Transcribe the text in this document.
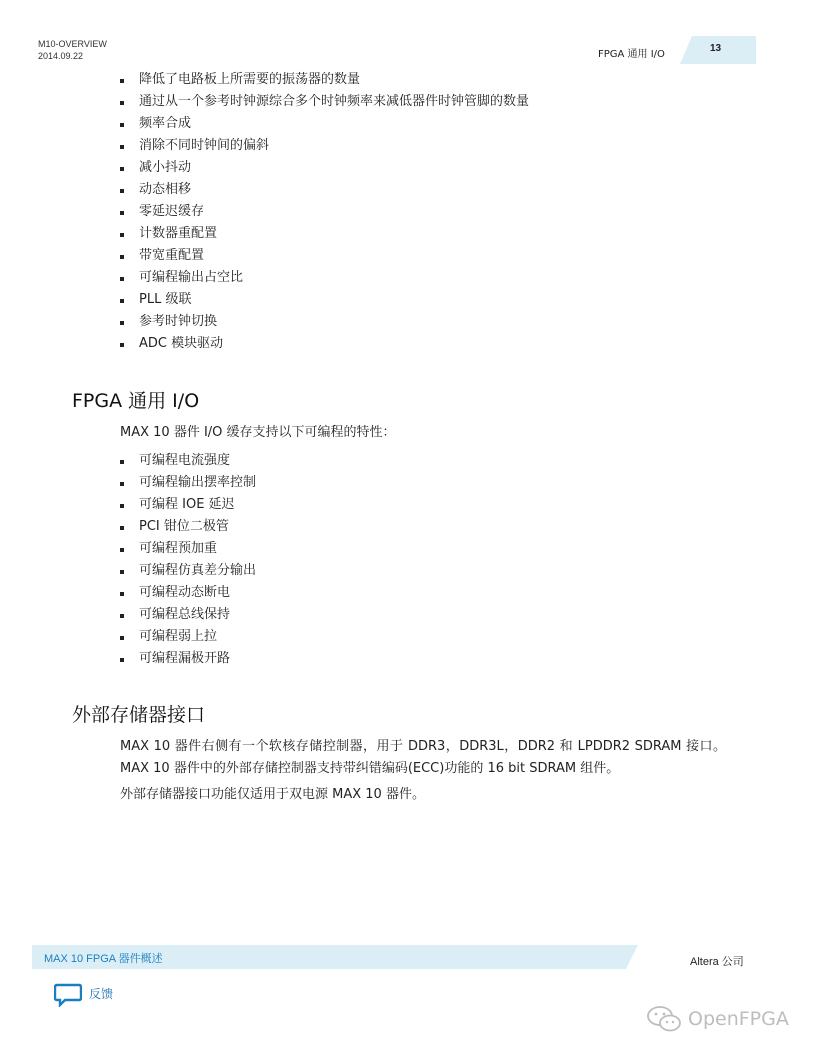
M10-OVERVIEW
2014.09.22	FPGA 通用 I/O
13
降低了电路板上所需要的振荡器的数量
通过从一个参考时钟源综合多个时钟频率来减低器件时钟管脚的数量
频率合成
消除不同时钟间的偏斜
减小抖动
动态相移
零延迟缓存
计数器重配置
带宽重配置
可编程输出占空比
PLL 级联
参考时钟切换
ADC 模块驱动
FPGA 通用 I/O

MAX 10 器件 I/O 缓存支持以下可编程的特性：

可编程电流强度
可编程输出摆率控制
可编程 IOE 延迟
PCI 钳位二极管
可编程预加重
可编程仿真差分输出
可编程动态断电
可编程总线保持
可编程弱上拉
可编程漏极开路
外部存储器接口

MAX 10 器件右侧有一个软核存储控制器，用于 DDR3，DDR3L，DDR2 和 LPDDR2 SDRAM 接口。MAX 10 器件中的外部存储控制器支持带纠错编码(ECC)功能的 16 bit SDRAM 组件。

外部存储器接口功能仅适用于双电源 MAX 10 器件。

MAX 10 FPGA 器件概述	Altera 公司
反馈
OpenFPGA
